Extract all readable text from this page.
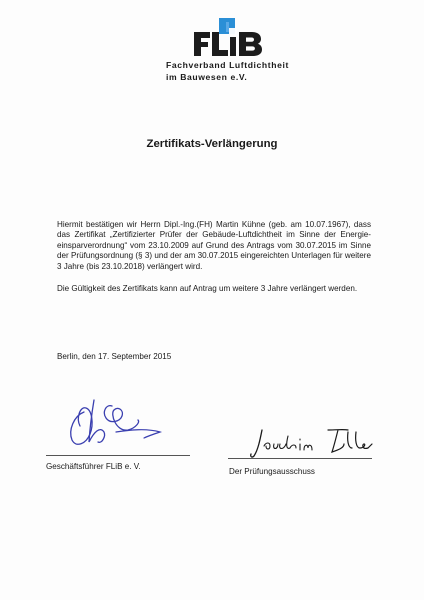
Fachverband Luftdichtheit
im Bauwesen e.V.
Zertifikats-Verlängerung
Hiermit bestätigen wir Herrn Dipl.-Ing.(FH) Martin Kühne (geb. am 10.07.1967), dass das Zertifikat „Zertifizierter Prüfer der Gebäude-Luftdichtheit im Sinne der Energie-einsparverordnung“ vom 23.10.2009 auf Grund des Antrags vom 30.07.2015 im Sinne der Prüfungsordnung (§ 3) und der am 30.07.2015 eingereichten Unterlagen für weitere 3 Jahre (bis 23.10.2018) verlängert wird.
Die Gültigkeit des Zertifikats kann auf Antrag um weitere 3 Jahre verlängert werden.
Berlin, den 17. September 2015
Geschäftsführer FLiB e. V.
Der Prüfungsausschuss
